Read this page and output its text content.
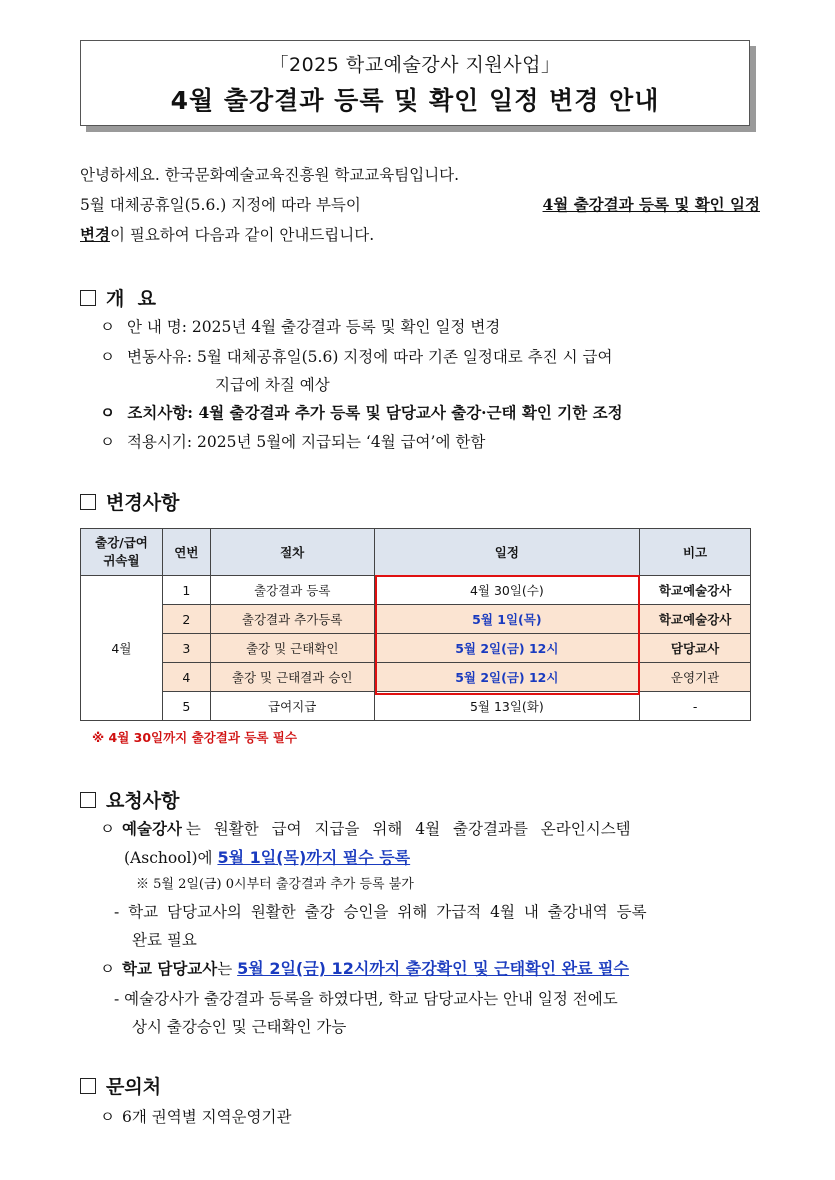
「2025 학교예술강사 지원사업」
4월 출강결과 등록 및 확인 일정 변경 안내
안녕하세요. 한국문화예술교육진흥원 학교교육팀입니다.
5월 대체공휴일(5.6.) 지정에 따라 부득이	4월 출강결과 등록 및 확인 일정
변경이 필요하여 다음과 같이 안내드립니다.
개  요
ㅇ 안 내 명: 2025년 4월 출강결과 등록 및 확인 일정 변경
ㅇ 변동사유: 5월 대체공휴일(5.6) 지정에 따라 기존 일정대로 추진 시 급여
지급에 차질 예상
ㅇ 조치사항: 4월 출강결과 추가 등록 및 담당교사 출강·근태 확인 기한 조정
ㅇ 적용시기: 2025년 5월에 지급되는 ‘4월 급여’에 한함
변경사항
출강/급여
귀속월	연번	절차	일정	비고
4월	1	출강결과 등록	4월 30일(수)	학교예술강사
	2	출강결과 추가등록	5월 1일(목)	학교예술강사
	3	출강 및 근태확인	5월 2일(금) 12시	담당교사
	4	출강 및 근태결과 승인	5월 2일(금) 12시	운영기관
	5	급여지급	5월 13일(화)	-
※ 4월 30일까지 출강결과 등록 필수
요청사항
ㅇ 예술강사 는 원활한 급여 지급을 위해 4월 출강결과를 온라인시스템
(Aschool)에 5월 1일(목)까지 필수 등록
※ 5월 2일(금) 0시부터 출강결과 추가 등록 불가
- 학교 담당교사의 원활한 출강 승인을 위해 가급적 4월 내 출강내역 등록
완료 필요
ㅇ 학교 담당교사는 5월 2일(금) 12시까지 출강확인 및 근태확인 완료 필수
- 예술강사가 출강결과 등록을 하였다면, 학교 담당교사는 안내 일정 전에도
상시 출강승인 및 근태확인 가능
문의처
ㅇ 6개 권역별 지역운영기관
